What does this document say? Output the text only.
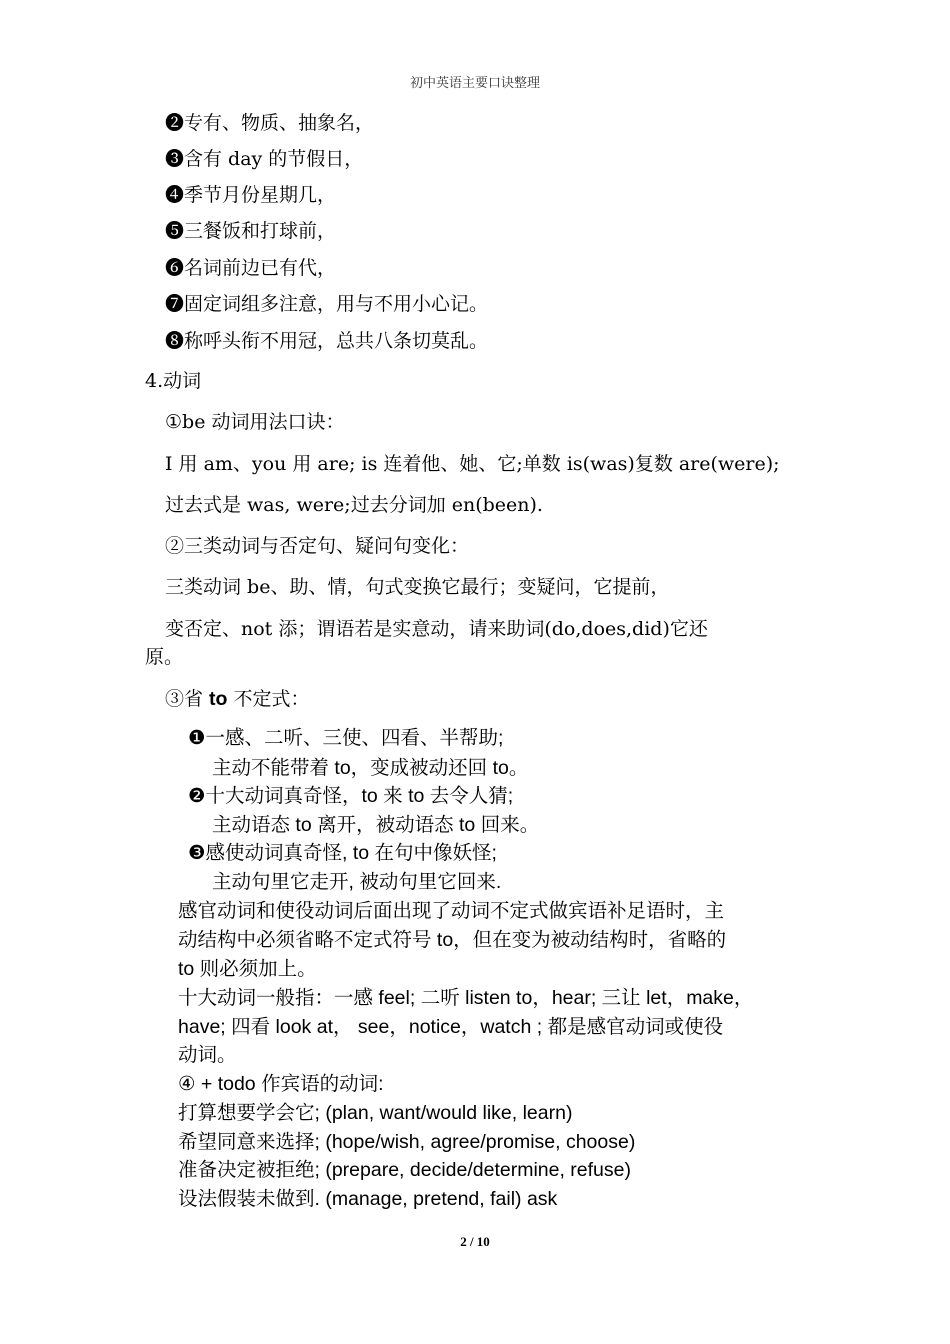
初中英语主要口诀整理
❷专有、物质、抽象名，
❸含有 day 的节假日，
❹季节月份星期几，
❺三餐饭和打球前，
❻名词前边已有代，
❼固定词组多注意，用与不用小心记。
❽称呼头衔不用冠，总共八条切莫乱。
4.动词
①be 动词用法口诀：
I 用 am、you 用 are; is 连着他、她、它;单数 is(was)复数 are(were);
过去式是 was, were;过去分词加 en(been).
②三类动词与否定句、疑问句变化：
三类动词 be、助、情，句式变换它最行；变疑问，它提前，
变否定、not 添；谓语若是实意动，请来助词(do,does,did)它还
原。
③省 to 不定式：
❶一感、二听、三使、四看、半帮助;
主动不能带着 to，变成被动还回 to。
❷十大动词真奇怪，to 来 to 去令人猜;
主动语态 to 离开，被动语态 to 回来。
❸感使动词真奇怪, to 在句中像妖怪;
主动句里它走开, 被动句里它回来.
感官动词和使役动词后面出现了动词不定式做宾语补足语时，主
动结构中必须省略不定式符号 to，但在变为被动结构时，省略的
to 则必须加上。
十大动词一般指：一感 feel; 二听 listen to，hear; 三让 let，make，
have; 四看 look at， see，notice，watch ; 都是感官动词或使役
动词。
④ + todo 作宾语的动词:
打算想要学会它; (plan, want/would like, learn)
希望同意来选择; (hope/wish, agree/promise, choose)
准备决定被拒绝; (prepare, decide/determine, refuse)
设法假装未做到. (manage, pretend, fail) ask
2 / 10
